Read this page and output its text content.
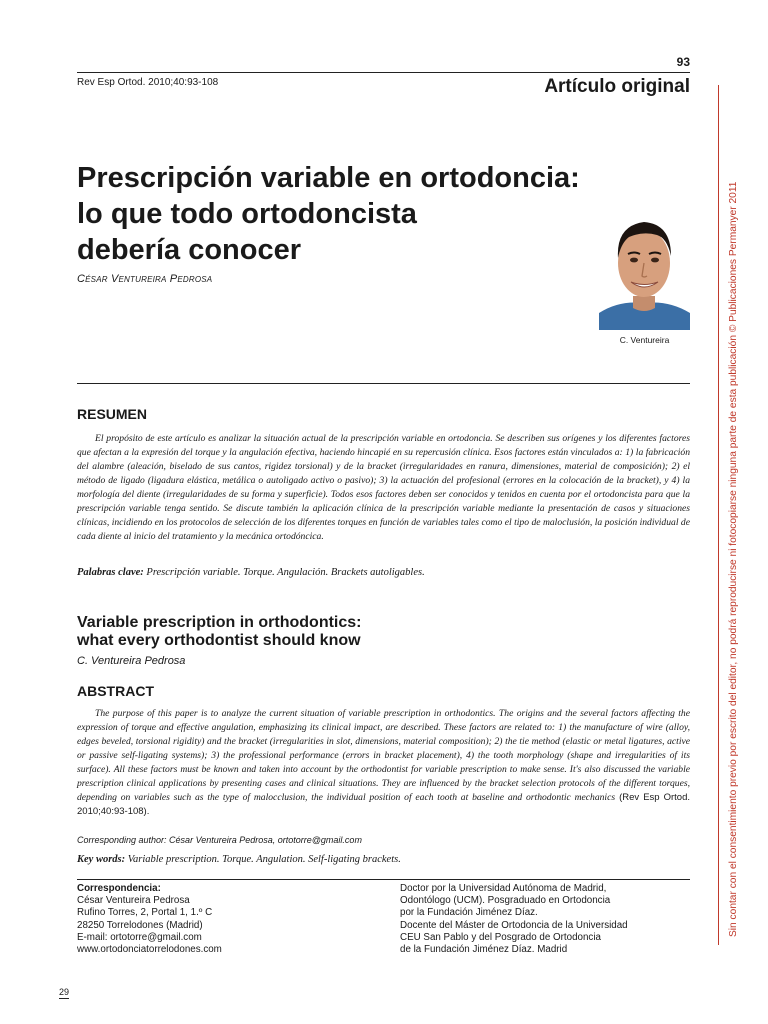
93
Rev Esp Ortod. 2010;40:93-108	Artículo original
Prescripción variable en ortodoncia:
lo que todo ortodoncista
debería conocer
César Ventureira Pedrosa
C. Ventureira
RESUMEN

El propósito de este artículo es analizar la situación actual de la prescripción variable en ortodoncia. Se describen sus orígenes y los diferentes factores que afectan a la expresión del torque y la angulación efectiva, haciendo hincapié en su repercusión clínica. Esos factores están vinculados a: 1) la fabricación del alambre (aleación, biselado de sus cantos, rigidez torsional) y de la bracket (irregularidades en ranura, dimensiones, material de composición); 2) el método de ligado (ligadura elástica, metálica o autoligado activo o pasivo); 3) la actuación del profesional (errores en la colocación de la bracket), y 4) la morfología del diente (irregularidades de su forma y superficie). Todos esos factores deben ser conocidos y tenidos en cuenta por el ortodoncista para que la prescripción variable tenga sentido. Se discute también la aplicación clínica de la prescripción variable mediante la presentación de casos y situaciones clínicas, incidiendo en los protocolos de selección de los diferentes torques en función de variables tales como el tipo de maloclusión, la posición individual de cada diente al inicio del tratamiento y la mecánica ortodóncica.

Palabras clave: Prescripción variable. Torque. Angulación. Brackets autoligables.
Variable prescription in orthodontics:
what every orthodontist should know
C. Ventureira Pedrosa
ABSTRACT

The purpose of this paper is to analyze the current situation of variable prescription in orthodontics. The origins and the several factors affecting the expression of torque and effective angulation, emphasizing its clinical impact, are described. These factors are related to: 1) the manufacture of wire (alloy, edges beveled, torsional rigidity) and the bracket (irregularities in slot, dimensions, material composition); 2) the tie method (elastic or metal ligatures, active or passive self-ligating systems); 3) the professional performance (errors in bracket placement), 4) the tooth morphology (shape and irregularities of its surface). All these factors must be known and taken into account by the orthodontist for variable prescription to make sense. It's also discussed the variable prescription clinical applications by presenting cases and clinical situations. They are influenced by the bracket selection protocols of the different torques, depending on variables such as the type of malocclusion, the individual position of each tooth at baseline and orthodontic mechanics (Rev Esp Ortod. 2010;40:93-108).

Corresponding author: César Ventureira Pedrosa, ortotorre@gmail.com
Key words: Variable prescription. Torque. Angulation. Self-ligating brackets.
Correspondencia:
César Ventureira Pedrosa
Rufino Torres, 2, Portal 1, 1.º C
28250 Torrelodones (Madrid)
E-mail: ortotorre@gmail.com
www.ortodonciatorrelodones.com
Doctor por la Universidad Autónoma de Madrid,
Odontólogo (UCM). Posgraduado en Ortodoncia
por la Fundación Jiménez Díaz.
Docente del Máster de Ortodoncia de la Universidad
CEU San Pablo y del Posgrado de Ortodoncia
de la Fundación Jiménez Díaz. Madrid
29
Sin contar con el consentimiento previo por escrito del editor, no podrá reproducirse ni fotocopiarse ninguna parte de esta publicación © Publicaciones Permanyer 2011
